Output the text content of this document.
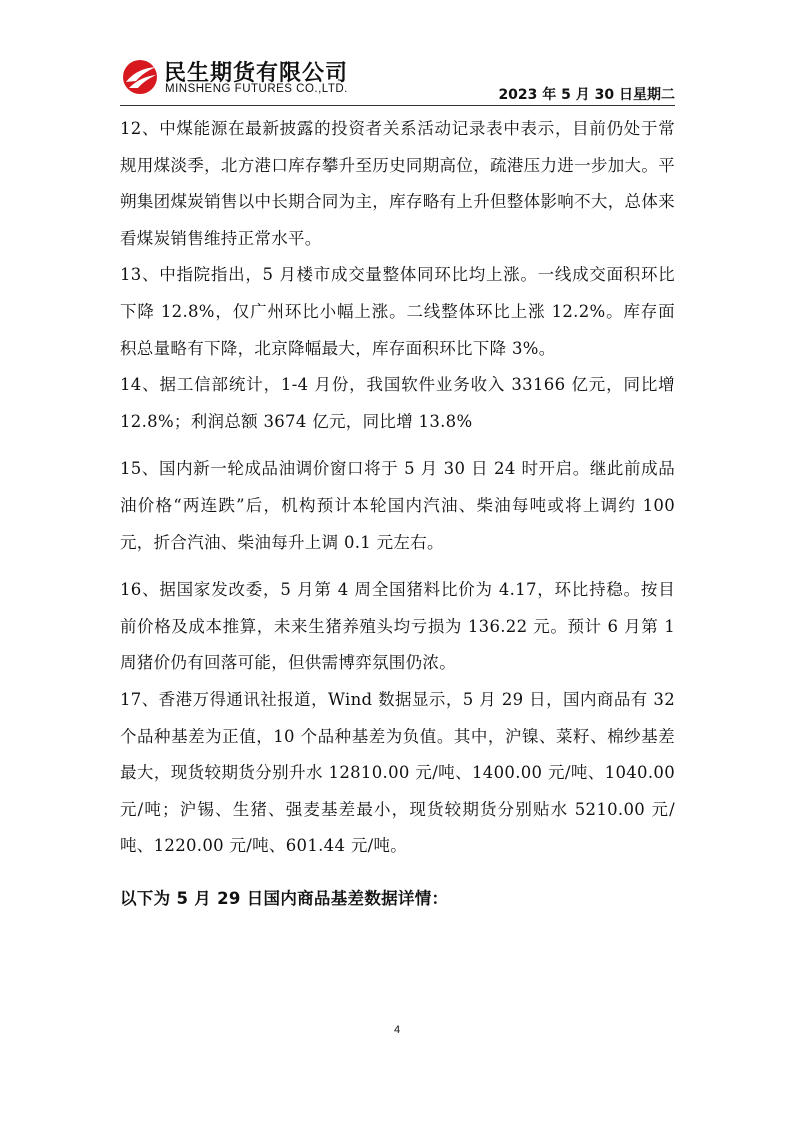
民生期货有限公司
MINSHENG FUTURES CO.,LTD.	2023 年 5 月 30 日星期二

12、中煤能源在最新披露的投资者关系活动记录表中表示，目前仍处于常规用煤淡季，北方港口库存攀升至历史同期高位，疏港压力进一步加大。平朔集团煤炭销售以中长期合同为主，库存略有上升但整体影响不大，总体来看煤炭销售维持正常水平。

13、中指院指出，5 月楼市成交量整体同环比均上涨。一线成交面积环比下降 12.8%，仅广州环比小幅上涨。二线整体环比上涨 12.2%。库存面积总量略有下降，北京降幅最大，库存面积环比下降 3%。

14、据工信部统计，1-4 月份，我国软件业务收入 33166 亿元，同比增 12.8%；利润总额 3674 亿元，同比增 13.8%

15、国内新一轮成品油调价窗口将于 5 月 30 日 24 时开启。继此前成品油价格“两连跌”后，机构预计本轮国内汽油、柴油每吨或将上调约 100 元，折合汽油、柴油每升上调 0.1 元左右。

16、据国家发改委，5 月第 4 周全国猪料比价为 4.17，环比持稳。按目前价格及成本推算，未来生猪养殖头均亏损为 136.22 元。预计 6 月第 1 周猪价仍有回落可能，但供需博弈氛围仍浓。

17、香港万得通讯社报道，Wind 数据显示，5 月 29 日，国内商品有 32 个品种基差为正值，10 个品种基差为负值。其中，沪镍、菜籽、棉纱基差最大，现货较期货分别升水 12810.00 元/吨、1400.00 元/吨、1040.00 元/吨；沪锡、生猪、强麦基差最小，现货较期货分别贴水 5210.00 元/吨、1220.00 元/吨、601.44 元/吨。

以下为 5 月 29 日国内商品基差数据详情：
4
